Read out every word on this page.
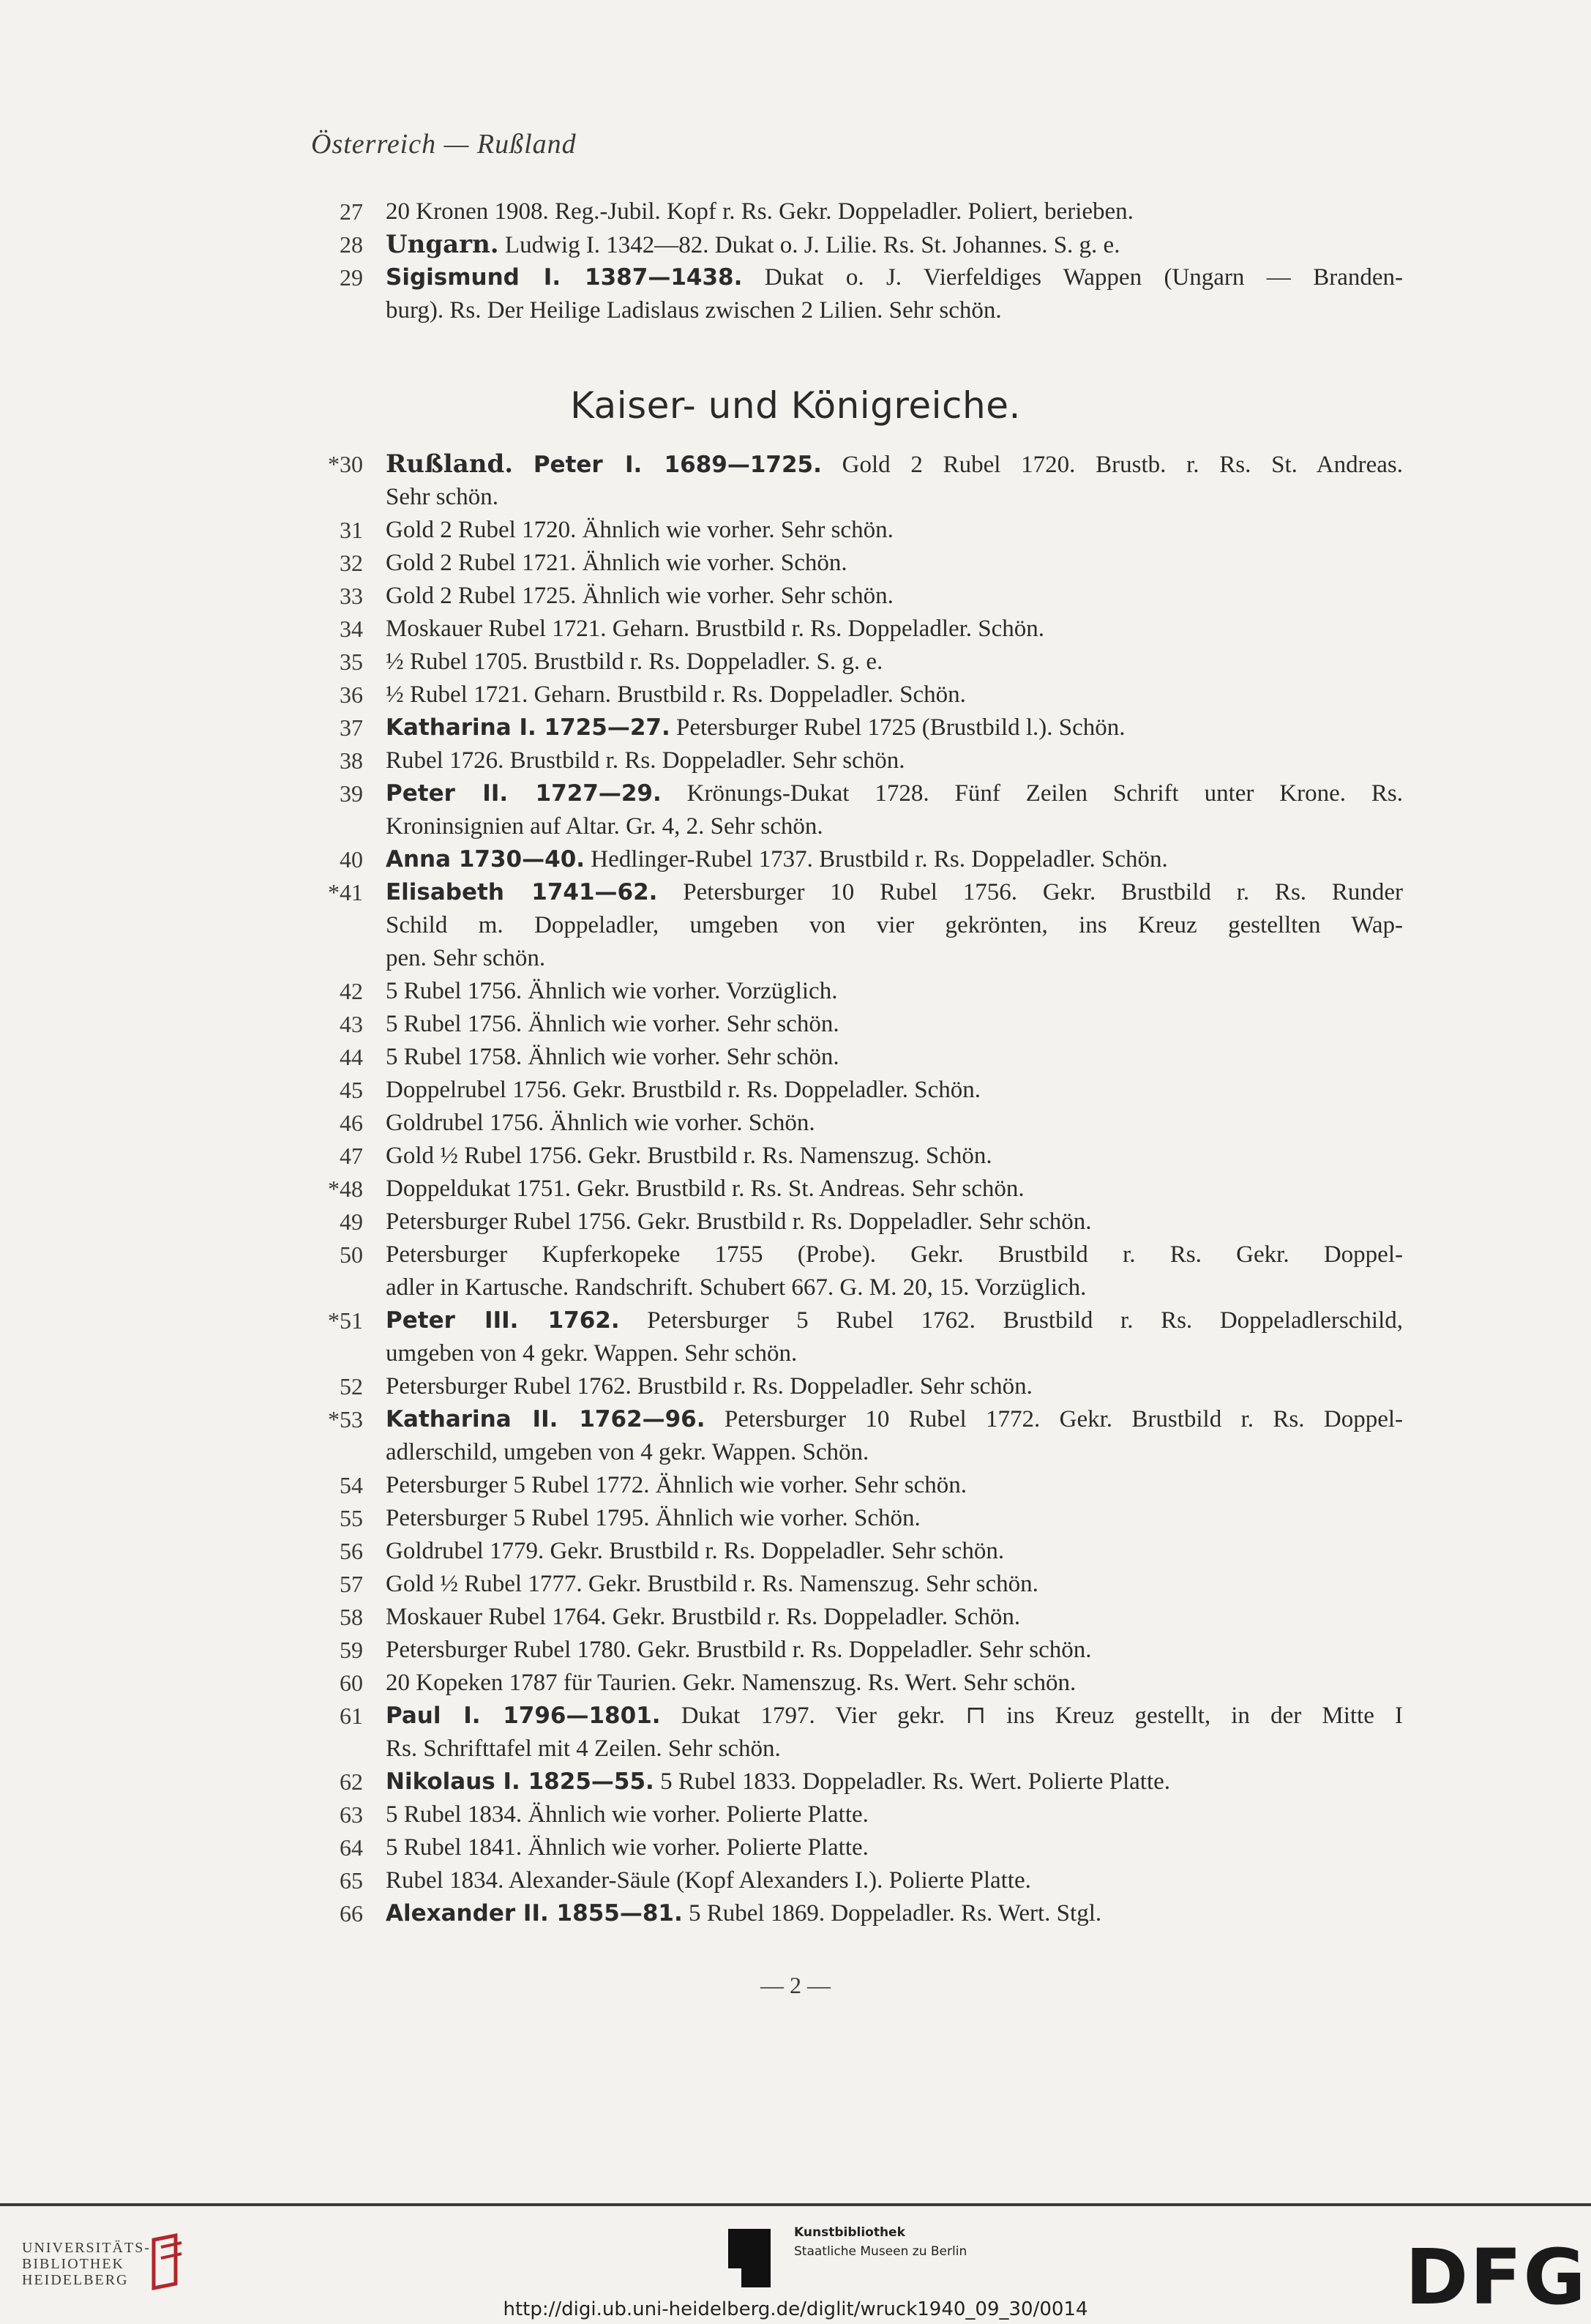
Österreich — Rußland
27 20 Kronen 1908. Reg.-Jubil. Kopf r. Rs. Gekr. Doppeladler. Poliert, berieben.
28 Ungarn. Ludwig I. 1342—82. Dukat o. J. Lilie. Rs. St. Johannes. S. g. e.
29 Sigismund I. 1387—1438. Dukat o. J. Vierfeldiges Wappen (Ungarn — Branden-
burg). Rs. Der Heilige Ladislaus zwischen 2 Lilien. Sehr schön.
Kaiser- und Königreiche.
*30 Rußland. Peter I. 1689—1725. Gold 2 Rubel 1720. Brustb. r. Rs. St. Andreas.
Sehr schön.
31 Gold 2 Rubel 1720. Ähnlich wie vorher. Sehr schön.
32 Gold 2 Rubel 1721. Ähnlich wie vorher. Schön.
33 Gold 2 Rubel 1725. Ähnlich wie vorher. Sehr schön.
34 Moskauer Rubel 1721. Geharn. Brustbild r. Rs. Doppeladler. Schön.
35 ½ Rubel 1705. Brustbild r. Rs. Doppeladler. S. g. e.
36 ½ Rubel 1721. Geharn. Brustbild r. Rs. Doppeladler. Schön.
37 Katharina I. 1725—27. Petersburger Rubel 1725 (Brustbild l.). Schön.
38 Rubel 1726. Brustbild r. Rs. Doppeladler. Sehr schön.
39 Peter II. 1727—29. Krönungs-Dukat 1728. Fünf Zeilen Schrift unter Krone. Rs.
Kroninsignien auf Altar. Gr. 4, 2. Sehr schön.
40 Anna 1730—40. Hedlinger-Rubel 1737. Brustbild r. Rs. Doppeladler. Schön.
*41 Elisabeth 1741—62. Petersburger 10 Rubel 1756. Gekr. Brustbild r. Rs. Runder
Schild m. Doppeladler, umgeben von vier gekrönten, ins Kreuz gestellten Wap-
pen. Sehr schön.
42 5 Rubel 1756. Ähnlich wie vorher. Vorzüglich.
43 5 Rubel 1756. Ähnlich wie vorher. Sehr schön.
44 5 Rubel 1758. Ähnlich wie vorher. Sehr schön.
45 Doppelrubel 1756. Gekr. Brustbild r. Rs. Doppeladler. Schön.
46 Goldrubel 1756. Ähnlich wie vorher. Schön.
47 Gold ½ Rubel 1756. Gekr. Brustbild r. Rs. Namenszug. Schön.
*48 Doppeldukat 1751. Gekr. Brustbild r. Rs. St. Andreas. Sehr schön.
49 Petersburger Rubel 1756. Gekr. Brustbild r. Rs. Doppeladler. Sehr schön.
50 Petersburger Kupferkopeke 1755 (Probe). Gekr. Brustbild r. Rs. Gekr. Doppel-
adler in Kartusche. Randschrift. Schubert 667. G. M. 20, 15. Vorzüglich.
*51 Peter III. 1762. Petersburger 5 Rubel 1762. Brustbild r. Rs. Doppeladlerschild,
umgeben von 4 gekr. Wappen. Sehr schön.
52 Petersburger Rubel 1762. Brustbild r. Rs. Doppeladler. Sehr schön.
*53 Katharina II. 1762—96. Petersburger 10 Rubel 1772. Gekr. Brustbild r. Rs. Doppel-
adlerschild, umgeben von 4 gekr. Wappen. Schön.
54 Petersburger 5 Rubel 1772. Ähnlich wie vorher. Sehr schön.
55 Petersburger 5 Rubel 1795. Ähnlich wie vorher. Schön.
56 Goldrubel 1779. Gekr. Brustbild r. Rs. Doppeladler. Sehr schön.
57 Gold ½ Rubel 1777. Gekr. Brustbild r. Rs. Namenszug. Sehr schön.
58 Moskauer Rubel 1764. Gekr. Brustbild r. Rs. Doppeladler. Schön.
59 Petersburger Rubel 1780. Gekr. Brustbild r. Rs. Doppeladler. Sehr schön.
60 20 Kopeken 1787 für Taurien. Gekr. Namenszug. Rs. Wert. Sehr schön.
61 Paul I. 1796—1801. Dukat 1797. Vier gekr. ⊓ ins Kreuz gestellt, in der Mitte I
Rs. Schrifttafel mit 4 Zeilen. Sehr schön.
62 Nikolaus I. 1825—55. 5 Rubel 1833. Doppeladler. Rs. Wert. Polierte Platte.
63 5 Rubel 1834. Ähnlich wie vorher. Polierte Platte.
64 5 Rubel 1841. Ähnlich wie vorher. Polierte Platte.
65 Rubel 1834. Alexander-Säule (Kopf Alexanders I.). Polierte Platte.
66 Alexander II. 1855—81. 5 Rubel 1869. Doppeladler. Rs. Wert. Stgl.
— 2 —
UNIVERSITÄTS-
BIBLIOTHEK
HEIDELBERG
Kunstbibliothek
Staatliche Museen zu Berlin	DFG
http://digi.ub.uni-heidelberg.de/diglit/wruck1940_09_30/0014
